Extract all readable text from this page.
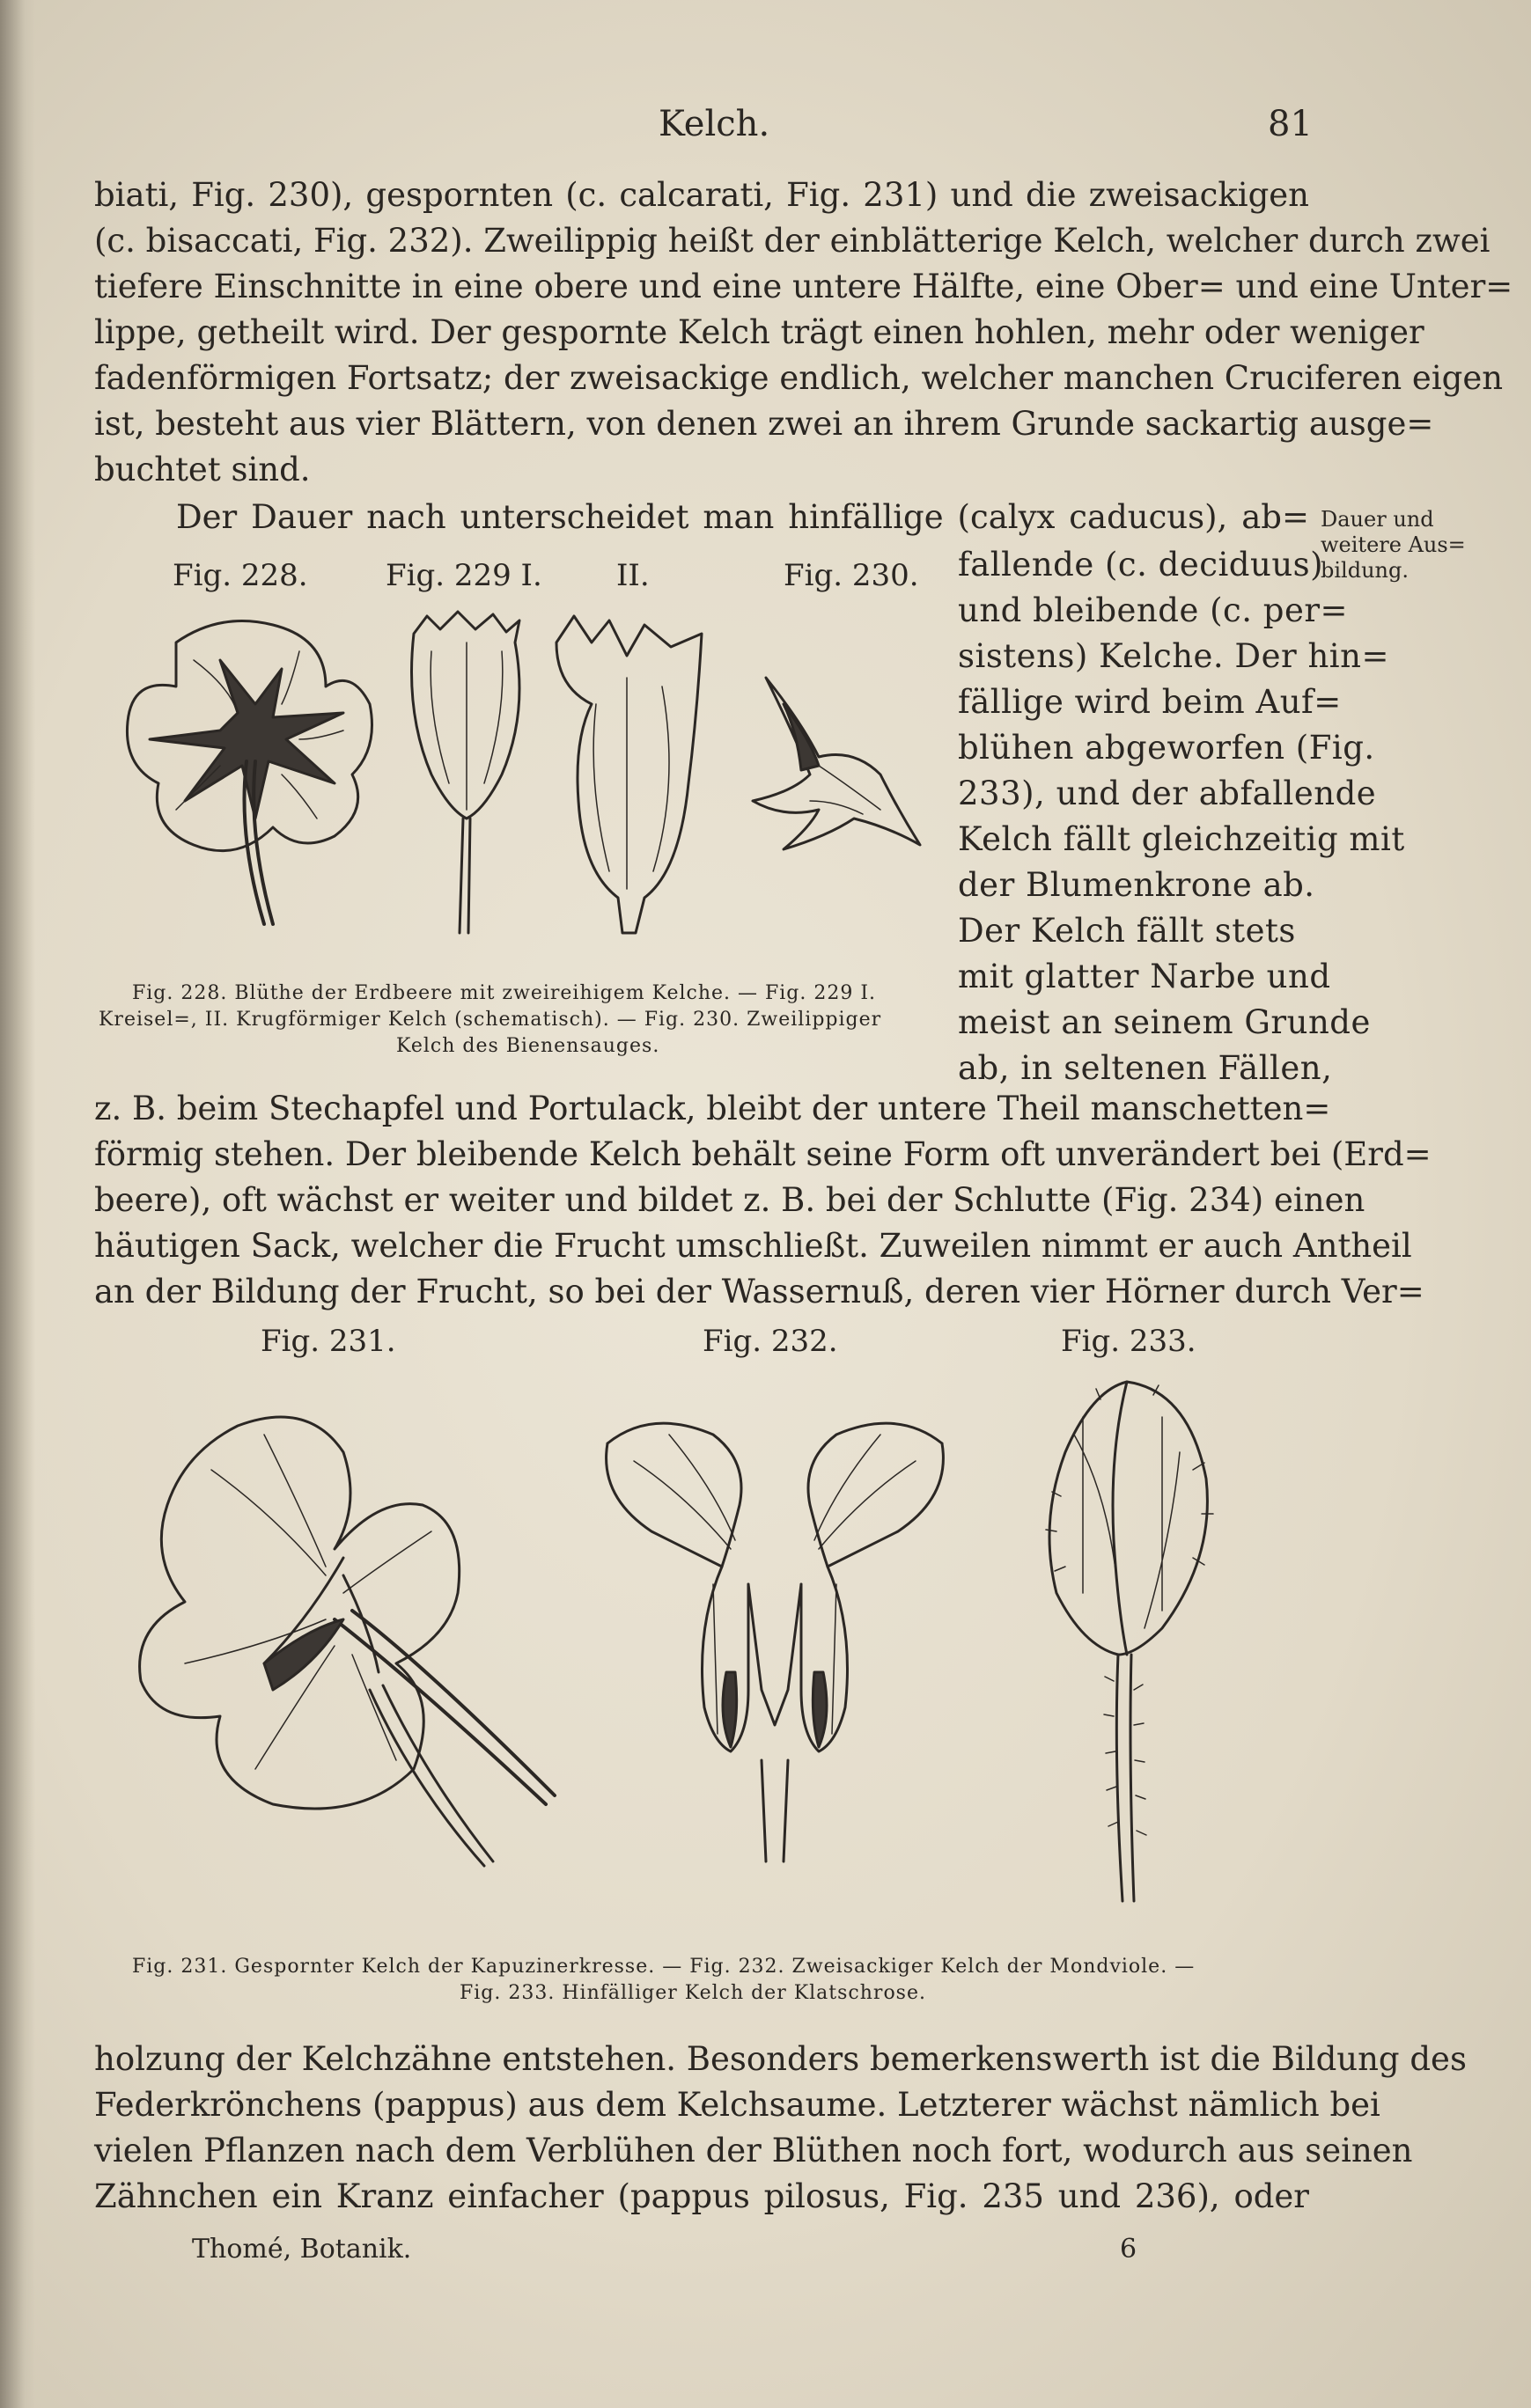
Kelch.	81
biati, Fig. 230), gespornten (c. calcarati, Fig. 231) und die zweisackigen
(c. bisaccati, Fig. 232). Zweilippig heißt der einblätterige Kelch, welcher durch zwei
tiefere Einschnitte in eine obere und eine untere Hälfte, eine Ober= und eine Unter=
lippe, getheilt wird. Der gespornte Kelch trägt einen hohlen, mehr oder weniger
fadenförmigen Fortsatz; der zweisackige endlich, welcher manchen Cruciferen eigen
ist, besteht aus vier Blättern, von denen zwei an ihrem Grunde sackartig ausge=
buchtet sind.
Der Dauer nach unterscheidet man hinfällige (calyx caducus), ab= Dauer und
weitere Aus=
bildung.
fallende (c. deciduus)
und bleibende (c. per=
sistens) Kelche. Der hin=
fällige wird beim Auf=
blühen abgeworfen (Fig.
233), und der abfallende
Kelch fällt gleichzeitig mit
der Blumenkrone ab.
Der Kelch fällt stets
mit glatter Narbe und
meist an seinem Grunde
ab, in seltenen Fällen,
Fig. 228.	Fig. 229 I. II.	Fig. 230.
Fig. 228. Blüthe der Erdbeere mit zweireihigem Kelche. — Fig. 229 I.
Kreisel=, II. Krugförmiger Kelch (schematisch). — Fig. 230. Zweilippiger
Kelch des Bienensauges.
z. B. beim Stechapfel und Portulack, bleibt der untere Theil manschetten=
förmig stehen. Der bleibende Kelch behält seine Form oft unverändert bei (Erd=
beere), oft wächst er weiter und bildet z. B. bei der Schlutte (Fig. 234) einen
häutigen Sack, welcher die Frucht umschließt. Zuweilen nimmt er auch Antheil
an der Bildung der Frucht, so bei der Wassernuß, deren vier Hörner durch Ver=
Fig. 231.	Fig. 232.	Fig. 233.
Fig. 231. Gespornter Kelch der Kapuzinerkresse. — Fig. 232. Zweisackiger Kelch der Mondviole. —
Fig. 233. Hinfälliger Kelch der Klatschrose.
holzung der Kelchzähne entstehen. Besonders bemerkenswerth ist die Bildung des
Federkrönchens (pappus) aus dem Kelchsaume. Letzterer wächst nämlich bei
vielen Pflanzen nach dem Verblühen der Blüthen noch fort, wodurch aus seinen
Zähnchen ein Kranz einfacher (pappus pilosus, Fig. 235 und 236), oder
Thomé, Botanik.	6
